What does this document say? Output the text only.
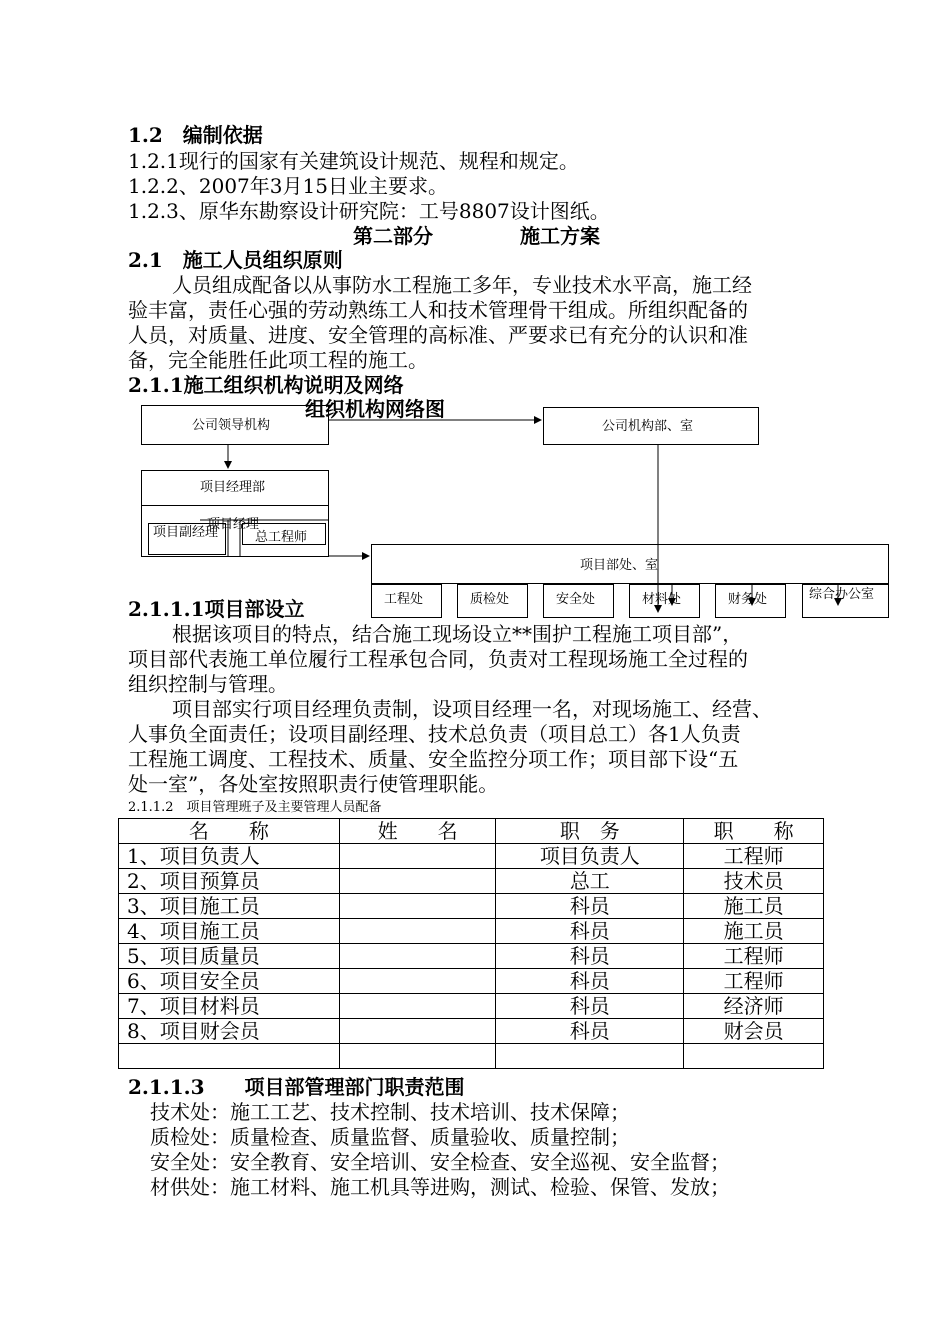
1.2　编制依据
1.2.1现行的国家有关建筑设计规范、规程和规定。
1.2.2、2007年3月15日业主要求。
1.2.3、原华东勘察设计研究院：工号8807设计图纸。
第二部分	施工方案
2.1　施工人员组织原则
人员组成配备以从事防水工程施工多年，专业技术水平高，施工经
验丰富，责任心强的劳动熟练工人和技术管理骨干组成。所组织配备的
人员，对质量、进度、安全管理的高标准、严要求已有充分的认识和准
备，完全能胜任此项工程的施工。
2.1.1施工组织机构说明及网络
组织机构网络图
公司领导机构	公司机构部、室
项目经理部
项目经理
项目副经理	总工程师
项目部处、室
工程处	质检处	安全处	材料处	财务处	综合办公室
2.1.1.1项目部设立
根据该项目的特点，结合施工现场设立**围护工程施工项目部”，
项目部代表施工单位履行工程承包合同，负责对工程现场施工全过程的
组织控制与管理。
项目部实行项目经理负责制，设项目经理一名，对现场施工、经营、
人事负全面责任；设项目副经理、技术总负责（项目总工）各1人负责
工程施工调度、工程技术、质量、安全监控分项工作；项目部下设“五
处一室”，各处室按照职责行使管理职能。
2.1.1.2　项目管理班子及主要管理人员配备
名　　称	姓　　名	职　务	职　　称
1、项目负责人		项目负责人	工程师
2、项目预算员		总工	技术员
3、项目施工员		科员	施工员
4、项目施工员		科员	施工员
5、项目质量员		科员	工程师
6、项目安全员		科员	工程师
7、项目材料员		科员	经济师
8、项目财会员		科员	财会员

2.1.1.3　　项目部管理部门职责范围
技术处：施工工艺、技术控制、技术培训、技术保障；
质检处：质量检查、质量监督、质量验收、质量控制；
安全处：安全教育、安全培训、安全检查、安全巡视、安全监督；
材供处：施工材料、施工机具等进购，测试、检验、保管、发放；
